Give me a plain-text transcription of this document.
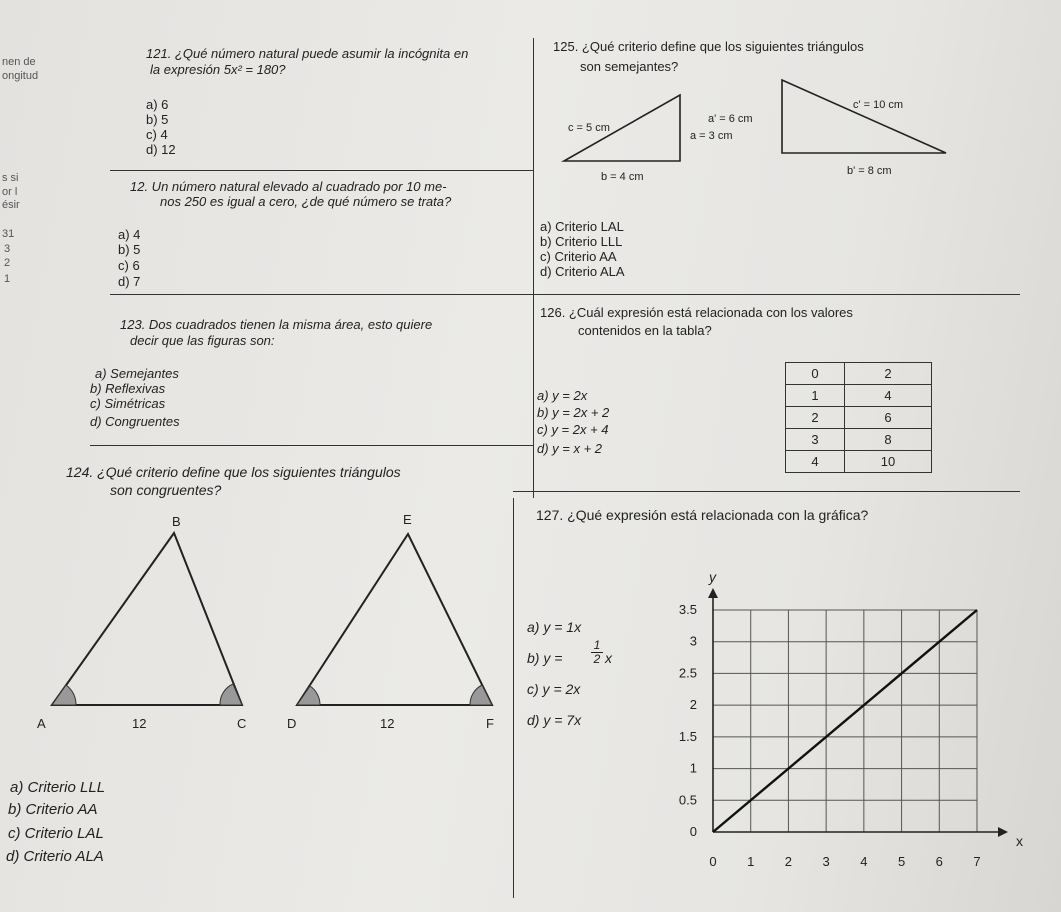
nen de
ongitud
s si
or l
ésir
31
3
2
1
121. ¿Qué número natural puede asumir la incógnita en
la expresión 5x² = 180?
a) 6
b) 5
c) 4
d) 12
12. Un número natural elevado al cuadrado por 10 me-
nos 250 es igual a cero, ¿de qué número se trata?
a) 4
b) 5
c) 6
d) 7
123. Dos cuadrados tienen la misma área, esto quiere
decir que las figuras son:
a) Semejantes
b) Reflexivas
c) Simétricas
d) Congruentes
124. ¿Qué criterio define que los siguientes triángulos
son congruentes?
B
A	C
12
E
D	F
12
a) Criterio LLL
b) Criterio AA
c) Criterio LAL
d) Criterio ALA
125. ¿Qué criterio define que los siguientes triángulos
son semejantes?
c = 5 cm
a = 3 cm
b = 4 cm
c' = 10 cm
a' = 6 cm
b' = 8 cm
a) Criterio LAL
b) Criterio LLL
c) Criterio AA
d) Criterio ALA
126. ¿Cuál expresión está relacionada con los valores
contenidos en la tabla?
a) y = 2x
b) y = 2x + 2
c) y = 2x + 4
d) y = x + 2
0	2
1	4
2	6
3	8
4	10
127. ¿Qué expresión está relacionada con la gráfica?
a) y = 1x
b) $y = \frac{1}{2}$ x
c) y = 2x
d) y = 7x
0 1 2 3 4 5 6 7
0
0.5
1
1.5
2
2.5
3
3.5
x
y
